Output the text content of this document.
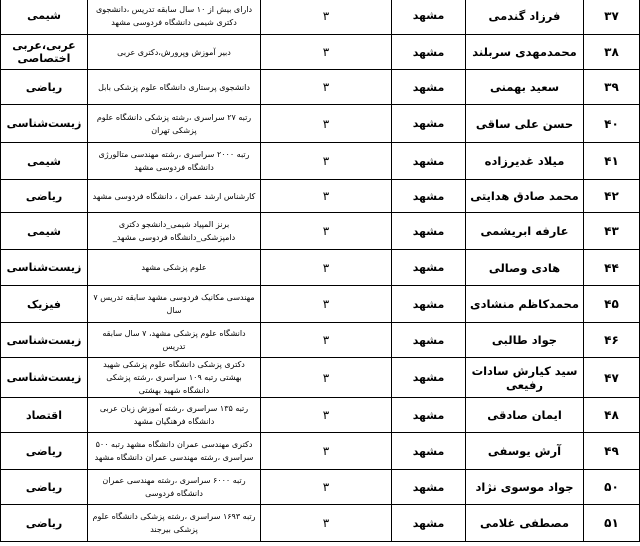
۳۷	فرزاد گندمی	مشهد	۳	دارای بیش از ۱۰ سال سابقه تدریس ،دانشجوی دکتری شیمی دانشگاه فردوسی مشهد	شیمی
۳۸	محمدمهدی سربلند	مشهد	۳	دبیر آموزش وپرورش،دکتری عربی	عربی،عربی اختصاصی
۳۹	سعید بهمنی	مشهد	۳	دانشجوی پرستاری دانشگاه علوم پزشکی بابل	ریاضی
۴۰	حسن علی ساقی	مشهد	۳	رتبه ۲۷ سراسری ،رشته پزشکی دانشگاه علوم پزشکی تهران	زیست‌شناسی
۴۱	میلاد غدیرزاده	مشهد	۳	رتبه ۲۰۰۰ سراسری ،رشته مهندسی متالورژی دانشگاه فردوسی مشهد	شیمی
۴۲	محمد صادق هدایتی	مشهد	۳	کارشناس ارشد عمران ، دانشگاه فردوسی مشهد	ریاضی
۴۳	عارفه ابریشمی	مشهد	۳	برنز المپیاد شیمی_دانشجو دکتری دامپزشکی_دانشگاه فردوسی مشهد_	شیمی
۴۴	هادی وصالی	مشهد	۳	علوم پزشکی مشهد	زیست‌شناسی
۴۵	محمدکاظم منشادی	مشهد	۳	مهندسی مکانیک فردوسی مشهد سابقه تدریس ۷ سال	فیزیک
۴۶	جواد طالبی	مشهد	۳	دانشگاه علوم پزشکی مشهد، ۷ سال سابقه تدریس	زیست‌شناسی
۴۷	سید کیارش سادات رفیعی	مشهد	۳	دکتری پزشکی دانشگاه علوم پزشکی شهید بهشتی رتبه ۱۰۹ سراسری ،رشته پزشکی دانشگاه شهید بهشتی	زیست‌شناسی
۴۸	ایمان صادقی	مشهد	۳	رتبه ۱۳۵ سراسری ،رشته آموزش زبان عربی دانشگاه فرهنگیان مشهد	اقتصاد
۴۹	آرش یوسفی	مشهد	۳	دکتری مهندسی عمران دانشگاه مشهد رتبه ۵۰۰ سراسری ،رشته مهندسی عمران دانشگاه مشهد	ریاضی
۵۰	جواد موسوی نژاد	مشهد	۳	رتبه ۶۰۰۰ سراسری ،رشته مهندسی عمران دانشگاه فردوسی	ریاضی
۵۱	مصطفی غلامی	مشهد	۳	رتبه ۱۶۹۳ سراسری ،رشته پزشکی دانشگاه علوم پزشکی بیرجند	ریاضی
